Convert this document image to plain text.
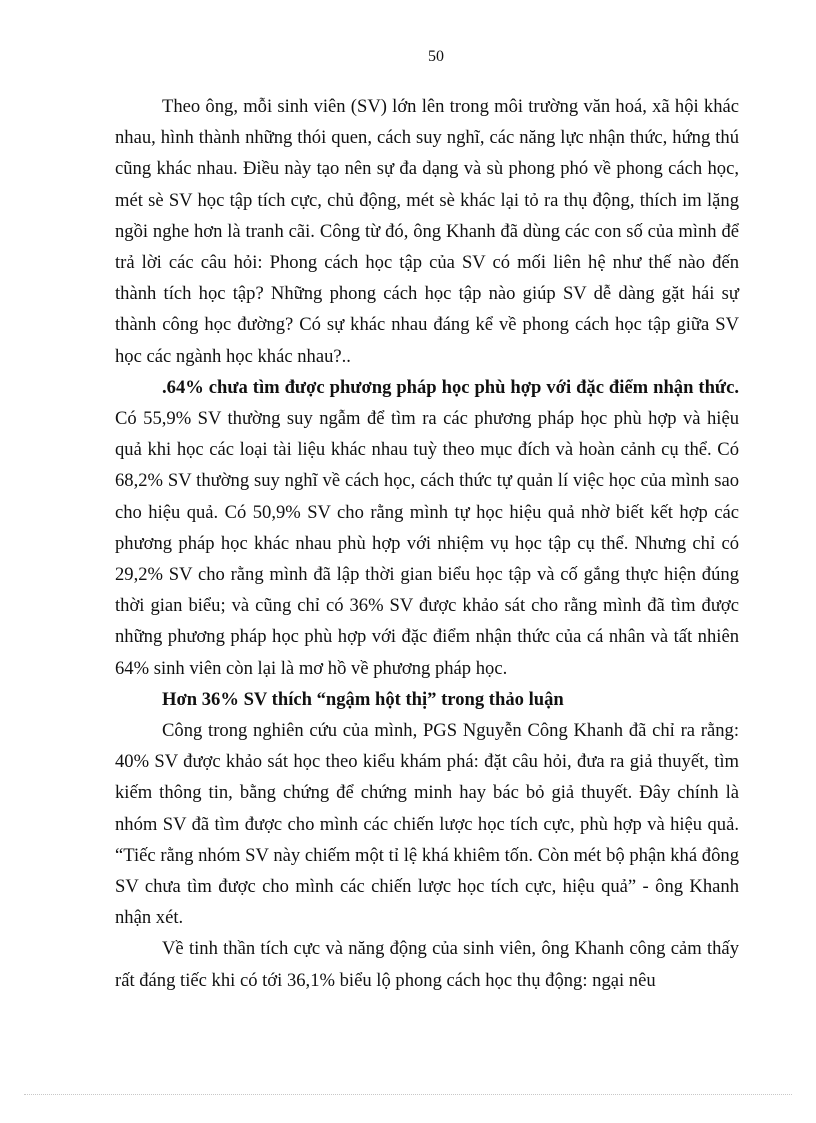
50

Theo ông, mỗi sinh viên (SV) lớn lên trong môi trường văn hoá, xã hội khác nhau, hình thành những thói quen, cách suy nghĩ, các năng lực nhận thức, hứng thú cũng khác nhau. Điều này tạo nên sự đa dạng và sù phong phó về phong cách học, mét sè SV học tập tích cực, chủ động, mét sè khác lại tỏ ra thụ động, thích im lặng ngồi nghe hơn là tranh cãi. Công từ đó, ông Khanh đã dùng các con số của mình để trả lời các câu hỏi: Phong cách học tập của SV có mối liên hệ như thế nào đến thành tích học tập? Những phong cách học tập nào giúp SV dễ dàng gặt hái sự thành công học đường? Có sự khác nhau đáng kể về phong cách học tập giữa SV học các ngành học khác nhau?..

.64% chưa tìm được phương pháp học phù hợp với đặc điểm nhận thức. Có 55,9% SV thường suy ngẫm để tìm ra các phương pháp học phù hợp và hiệu quả khi học các loại tài liệu khác nhau tuỳ theo mục đích và hoàn cảnh cụ thể. Có 68,2% SV thường suy nghĩ về cách học, cách thức tự quản lí việc học của mình sao cho hiệu quả. Có 50,9% SV cho rằng mình tự học hiệu quả nhờ biết kết hợp các phương pháp học khác nhau phù hợp với nhiệm vụ học tập cụ thể. Nhưng chỉ có 29,2% SV cho rằng mình đã lập thời gian biểu học tập và cố gắng thực hiện đúng thời gian biểu; và cũng chỉ có 36% SV được khảo sát cho rằng mình đã tìm được những phương pháp học phù hợp với đặc điểm nhận thức của cá nhân và tất nhiên 64% sinh viên còn lại là mơ hồ về phương pháp học.

Hơn 36% SV thích “ngậm hột thị” trong thảo luận

Công trong nghiên cứu của mình, PGS Nguyễn Công Khanh đã chỉ ra rằng: 40% SV được khảo sát học theo kiểu khám phá: đặt câu hỏi, đưa ra giả thuyết, tìm kiếm thông tin, bằng chứng để chứng minh hay bác bỏ giả thuyết. Đây chính là nhóm SV đã tìm được cho mình các chiến lược học tích cực, phù hợp và hiệu quả. “Tiếc rằng nhóm SV này chiếm một tỉ lệ khá khiêm tốn. Còn mét bộ phận khá đông SV chưa tìm được cho mình các chiến lược học tích cực, hiệu quả” - ông Khanh nhận xét.

Về tinh thần tích cực và năng động của sinh viên, ông Khanh công cảm thấy rất đáng tiếc khi có tới 36,1% biểu lộ phong cách học thụ động: ngại nêu
